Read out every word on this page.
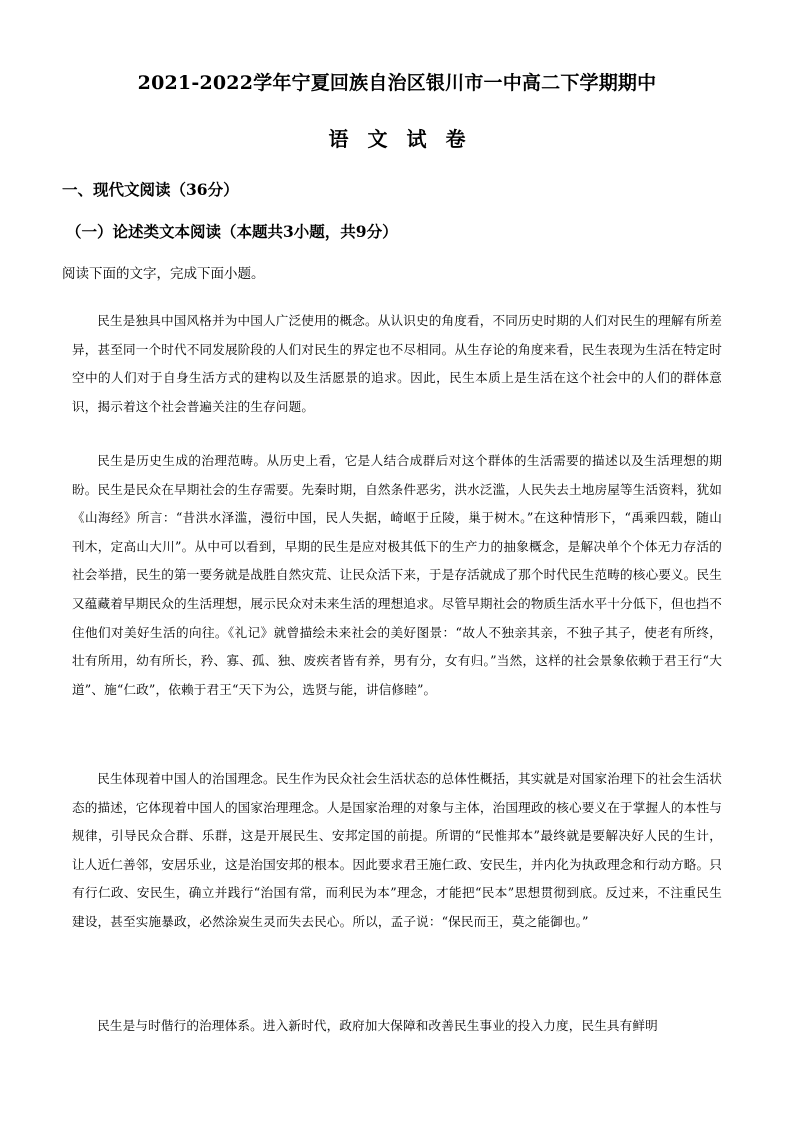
2021-2022学年宁夏回族自治区银川市一中高二下学期期中
语文试卷
一、现代文阅读（36分）
（一）论述类文本阅读（本题共3小题，共9分）
阅读下面的文字，完成下面小题。

民生是独具中国风格并为中国人广泛使用的概念。从认识史的角度看，不同历史时期的人们对民生的理解有所差异，甚至同一个时代不同发展阶段的人们对民生的界定也不尽相同。从生存论的角度来看，民生表现为生活在特定时空中的人们对于自身生活方式的建构以及生活愿景的追求。因此，民生本质上是生活在这个社会中的人们的群体意识，揭示着这个社会普遍关注的生存问题。

民生是历史生成的治理范畴。从历史上看，它是人结合成群后对这个群体的生活需要的描述以及生活理想的期盼。民生是民众在早期社会的生存需要。先秦时期，自然条件恶劣，洪水泛滥，人民失去土地房屋等生活资料，犹如《山海经》所言：“昔洪水泽滥，漫衍中国，民人失据，崎岖于丘陵，巢于树木。”在这种情形下，“禹乘四载，随山刊木，定高山大川”。从中可以看到，早期的民生是应对极其低下的生产力的抽象概念，是解决单个个体无力存活的社会举措，民生的第一要务就是战胜自然灾荒、让民众活下来，于是存活就成了那个时代民生范畴的核心要义。民生又蕴藏着早期民众的生活理想，展示民众对未来生活的理想追求。尽管早期社会的物质生活水平十分低下，但也挡不住他们对美好生活的向往。《礼记》就曾描绘未来社会的美好图景：“故人不独亲其亲，不独子其子，使老有所终，壮有所用，幼有所长，矜、寡、孤、独、废疾者皆有养，男有分，女有归。”当然，这样的社会景象依赖于君王行“大道”、施“仁政”，依赖于君王“天下为公，选贤与能，讲信修睦”。

民生体现着中国人的治国理念。民生作为民众社会生活状态的总体性概括，其实就是对国家治理下的社会生活状态的描述，它体现着中国人的国家治理理念。人是国家治理的对象与主体，治国理政的核心要义在于掌握人的本性与规律，引导民众合群、乐群，这是开展民生、安邦定国的前提。所谓的“民惟邦本”最终就是要解决好人民的生计，让人近仁善邻，安居乐业，这是治国安邦的根本。因此要求君王施仁政、安民生，并内化为执政理念和行动方略。只有行仁政、安民生，确立并践行“治国有常，而利民为本”理念，才能把“民本”思想贯彻到底。反过来，不注重民生建设，甚至实施暴政，必然涂炭生灵而失去民心。所以，孟子说：“保民而王，莫之能御也。”

民生是与时偕行的治理体系。进入新时代，政府加大保障和改善民生事业的投入力度，民生具有鲜明
